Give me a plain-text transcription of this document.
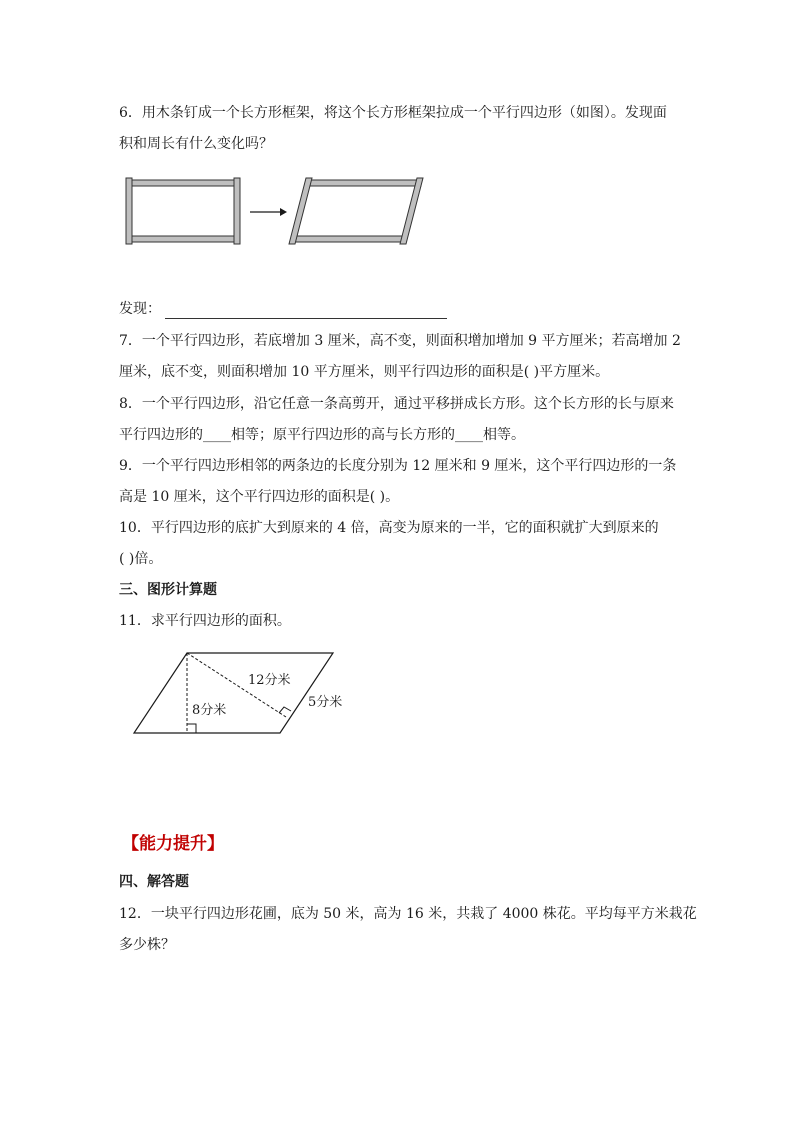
6．用木条钉成一个长方形框架，将这个长方形框架拉成一个平行四边形（如图）。发现面
积和周长有什么变化吗？
发现：
7．一个平行四边形，若底增加 3 厘米，高不变，则面积增加增加 9 平方厘米；若高增加 2
厘米，底不变，则面积增加 10 平方厘米，则平行四边形的面积是( )平方厘米。
8．一个平行四边形，沿它任意一条高剪开，通过平移拼成长方形。这个长方形的长与原来
平行四边形的____相等；原平行四边形的高与长方形的____相等。
9．一个平行四边形相邻的两条边的长度分别为 12 厘米和 9 厘米，这个平行四边形的一条
高是 10 厘米，这个平行四边形的面积是( )。
10．平行四边形的底扩大到原来的 4 倍，高变为原来的一半，它的面积就扩大到原来的
( )倍。
三、图形计算题
11．求平行四边形的面积。
12分米
5分米
8分米
【能力提升】
四、解答题
12．一块平行四边形花圃，底为 50 米，高为 16 米，共栽了 4000 株花。平均每平方米栽花
多少株？
